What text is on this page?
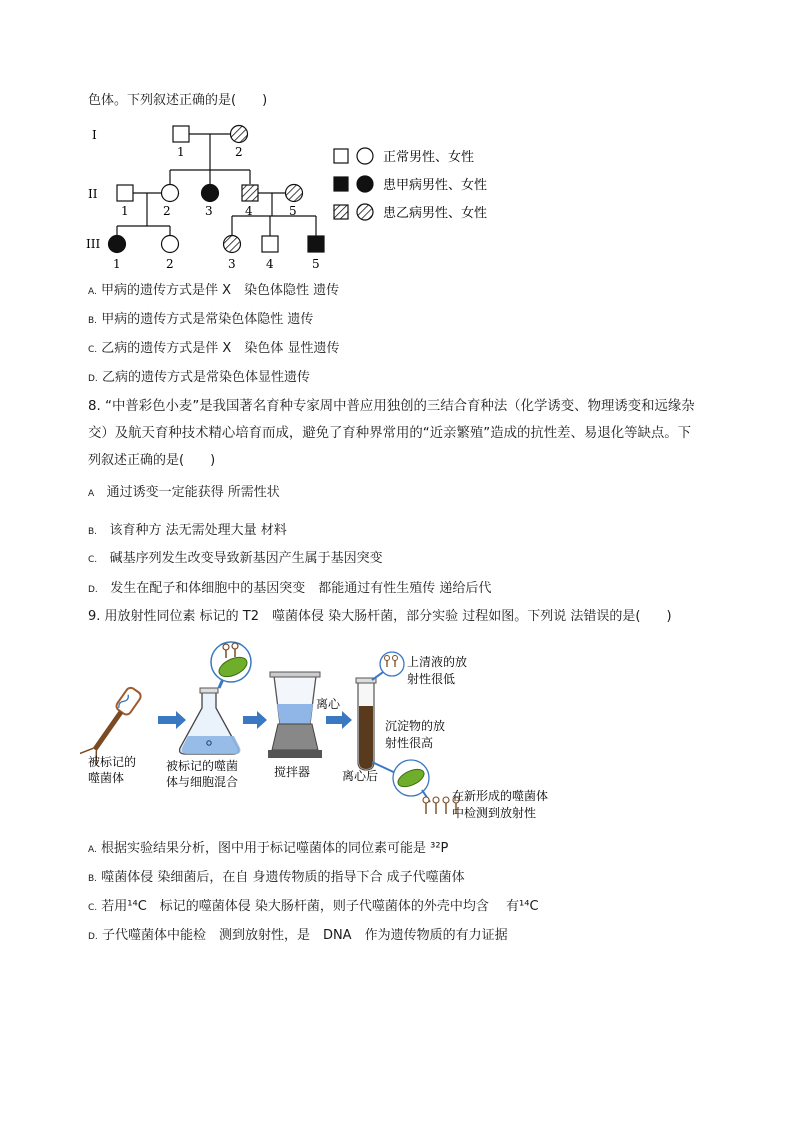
色体。下列叙述正确的是(　　)
I
II
III
1	2
1	2	3	4	5
1	2	3	4	5
正常男性、女性
患甲病男性、女性
患乙病男性、女性
A. 甲病的遗传方式是伴 X　染色体隐性 遗传
B. 甲病的遗传方式是常染色体隐性 遗传
C. 乙病的遗传方式是伴 X　染色体 显性遗传
D. 乙病的遗传方式是常染色体显性遗传
8. “中普彩色小麦”是我国著名育种专家周中普应用独创的三结合育种法（化学诱变、物理诱变和远缘杂
交）及航天育种技术精心培育而成，避免了育种界常用的“近亲繁殖”造成的抗性差、易退化等缺点。下
列叙述正确的是(　　)
A 通过诱变一定能获得 所需性状
B. 该育种方 法无需处理大量 材料
C. 碱基序列发生改变导致新基因产生属于基因突变
D. 发生在配子和体细胞中的基因突变　都能通过有性生殖传 递给后代
9. 用放射性同位素 标记的 T2　噬菌体侵 染大肠杆菌，部分实验 过程如图。下列说 法错误的是(　　)
被标记的
噬菌体
被标记的噬菌
体与细胞混合
搅拌器
离心
离心后
上清液的放
射性很低
沉淀物的放
射性很高
在新形成的噬菌体
中检测到放射性
A. 根据实验结果分析，图中用于标记噬菌体的同位素可能是 ³²P
B. 噬菌体侵 染细菌后，在自 身遗传物质的指导下合 成子代噬菌体
C. 若用¹⁴C　标记的噬菌体侵 染大肠杆菌，则子代噬菌体的外壳中均含　 有¹⁴C
D. 子代噬菌体中能检　测到放射性，是　DNA　作为遗传物质的有力证据
